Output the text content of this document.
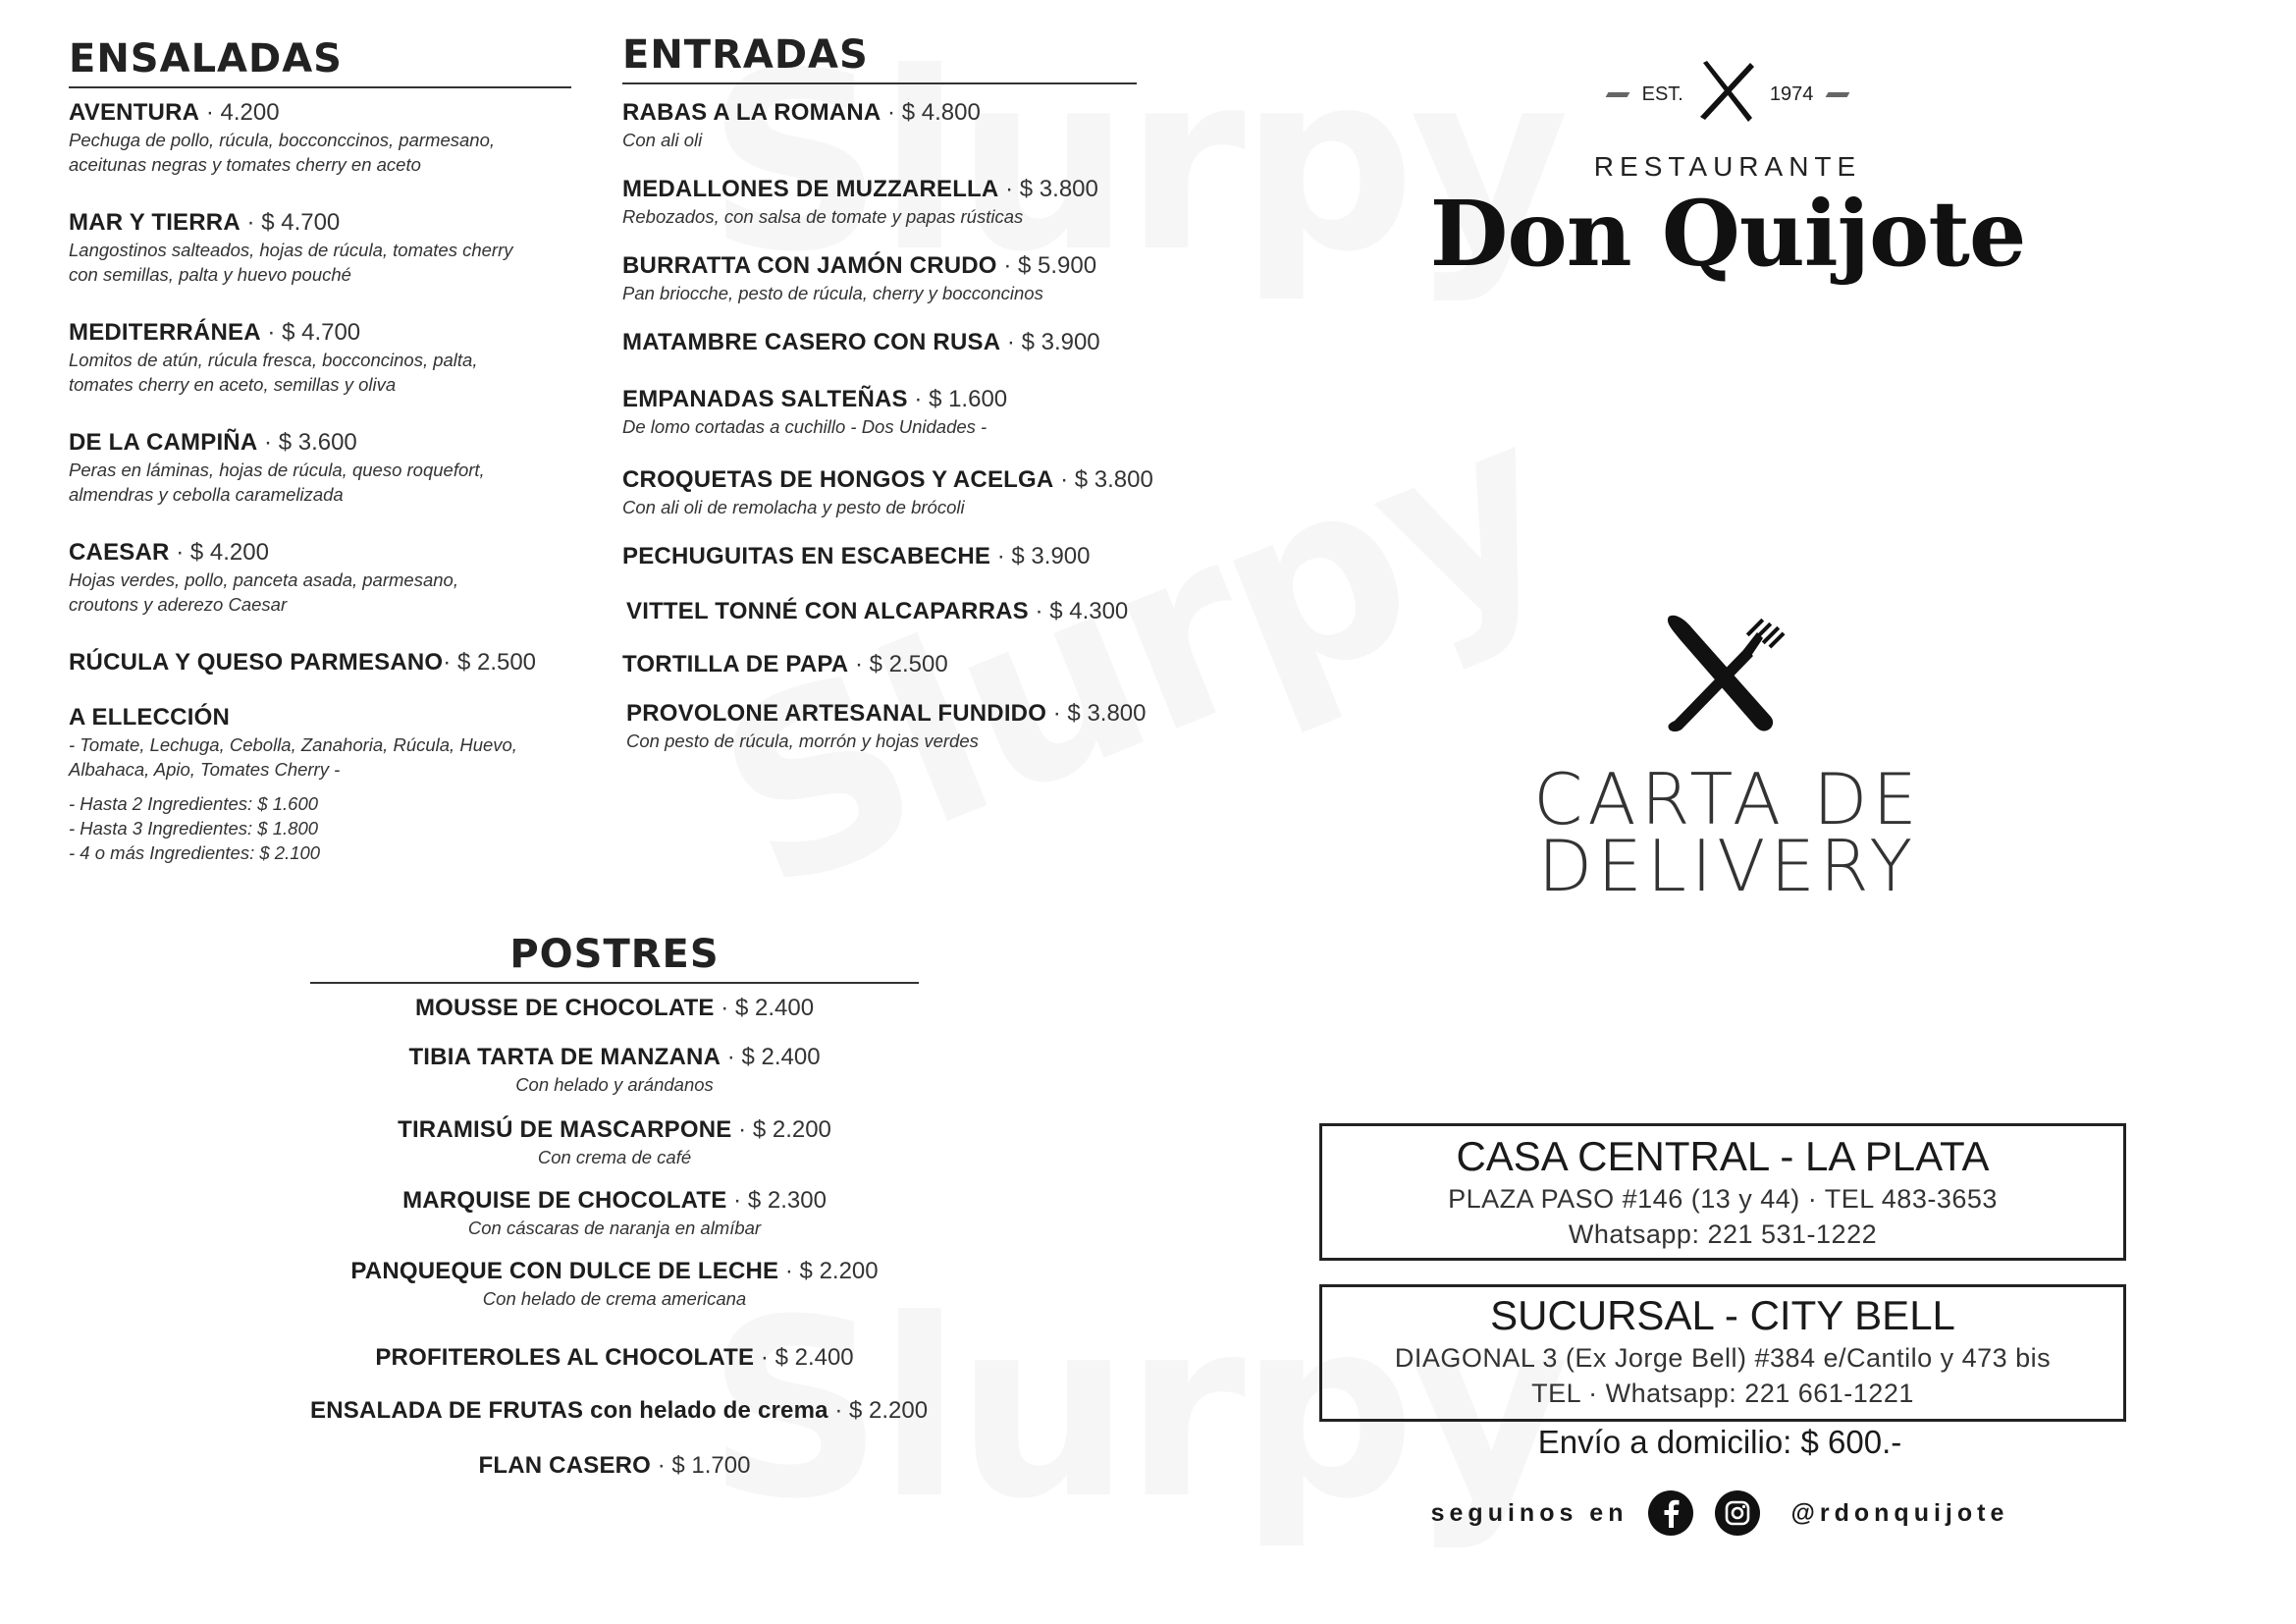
ENSALADAS
AVENTURA · 4.200
Pechuga de pollo, rúcula, bocconccinos, parmesano,
aceitunas negras y tomates cherry en aceto
MAR Y TIERRA · $ 4.700
Langostinos salteados, hojas de rúcula, tomates cherry
con semillas, palta y huevo pouché
MEDITERRÁNEA · $ 4.700
Lomitos de atún, rúcula fresca, bocconcinos, palta,
tomates cherry en aceto, semillas y oliva
DE LA CAMPIÑA · $ 3.600
Peras en láminas, hojas de rúcula, queso roquefort,
almendras y cebolla caramelizada
CAESAR · $ 4.200
Hojas verdes, pollo, panceta asada, parmesano,
croutons y aderezo Caesar
RÚCULA Y QUESO PARMESANO· $ 2.500
A ELLECCIÓN
- Tomate, Lechuga, Cebolla, Zanahoria, Rúcula, Huevo,
Albahaca, Apio, Tomates Cherry -
- Hasta 2 Ingredientes: $ 1.600
- Hasta 3 Ingredientes: $ 1.800
- 4 o más Ingredientes: $ 2.100
ENTRADAS
RABAS A LA ROMANA · $ 4.800
Con ali oli
MEDALLONES DE MUZZARELLA · $ 3.800
Rebozados, con salsa de tomate y papas rústicas
BURRATTA CON JAMÓN CRUDO · $ 5.900
Pan briocche, pesto de rúcula, cherry y bocconcinos
MATAMBRE CASERO CON RUSA · $ 3.900
EMPANADAS SALTEÑAS · $ 1.600
De lomo cortadas a cuchillo - Dos Unidades -
CROQUETAS DE HONGOS Y ACELGA · $ 3.800
Con ali oli de remolacha y pesto de brócoli
PECHUGUITAS EN ESCABECHE · $ 3.900
VITTEL TONNÉ CON ALCAPARRAS · $ 4.300
TORTILLA DE PAPA · $ 2.500
PROVOLONE ARTESANAL FUNDIDO · $ 3.800
Con pesto de rúcula, morrón y hojas verdes
POSTRES
MOUSSE DE CHOCOLATE · $ 2.400
TIBIA TARTA DE MANZANA · $ 2.400
Con helado y arándanos
TIRAMISÚ DE MASCARPONE · $ 2.200
Con crema de café
MARQUISE DE CHOCOLATE · $ 2.300
Con cáscaras de naranja en almíbar
PANQUEQUE CON DULCE DE LECHE · $ 2.200
Con helado de crema americana
PROFITEROLES AL CHOCOLATE · $ 2.400
ENSALADA DE FRUTAS con helado de crema · $ 2.200
FLAN CASERO · $ 1.700
EST.	1974
RESTAURANTE
Don Quijote
CARTA DE
DELIVERY
CASA CENTRAL - LA PLATA
PLAZA PASO #146 (13 y 44) · TEL 483-3653
Whatsapp: 221 531-1222
SUCURSAL - CITY BELL
DIAGONAL 3 (Ex Jorge Bell) #384 e/Cantilo y 473 bis
TEL · Whatsapp: 221 661-1221
Envío a domicilio: $ 600.-
seguinos en	@rdonquijote
